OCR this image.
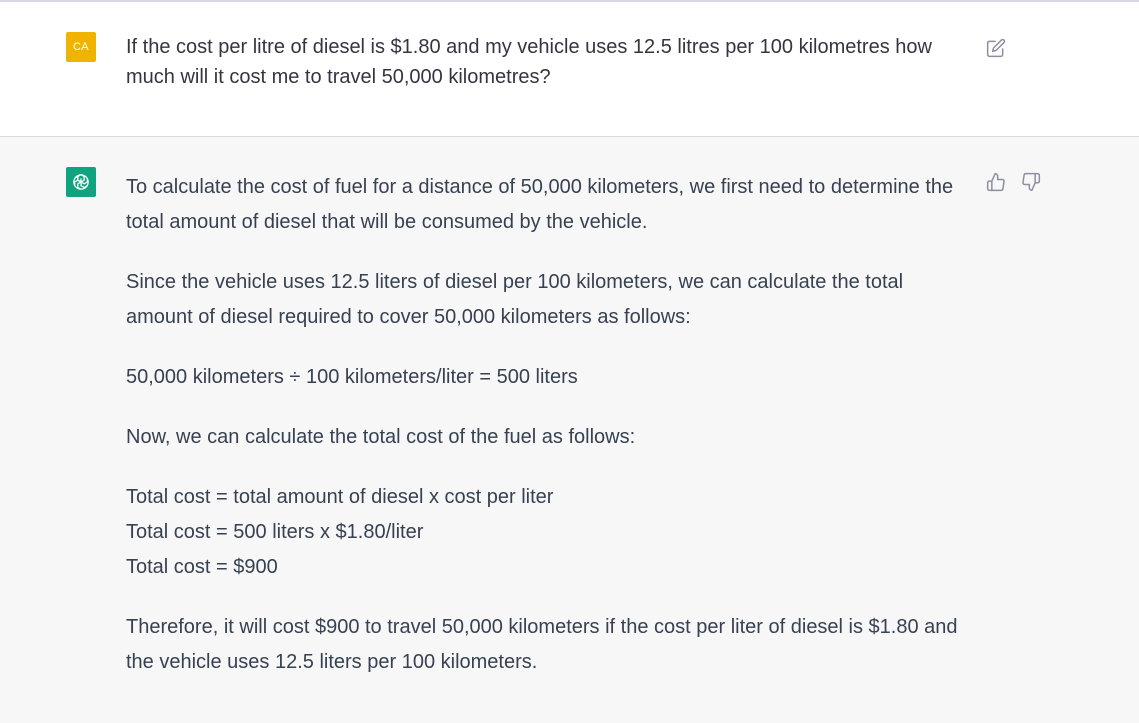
CA If the cost per litre of diesel is $1.80 and my vehicle uses 12.5 litres per 100 kilometres how much will it cost me to travel 50,000 kilometres?

To calculate the cost of fuel for a distance of 50,000 kilometers, we first need to determine the total amount of diesel that will be consumed by the vehicle.

Since the vehicle uses 12.5 liters of diesel per 100 kilometers, we can calculate the total amount of diesel required to cover 50,000 kilometers as follows:

50,000 kilometers ÷ 100 kilometers/liter = 500 liters

Now, we can calculate the total cost of the fuel as follows:

Total cost = total amount of diesel x cost per liter
Total cost = 500 liters x $1.80/liter
Total cost = $900

Therefore, it will cost $900 to travel 50,000 kilometers if the cost per liter of diesel is $1.80 and the vehicle uses 12.5 liters per 100 kilometers.
